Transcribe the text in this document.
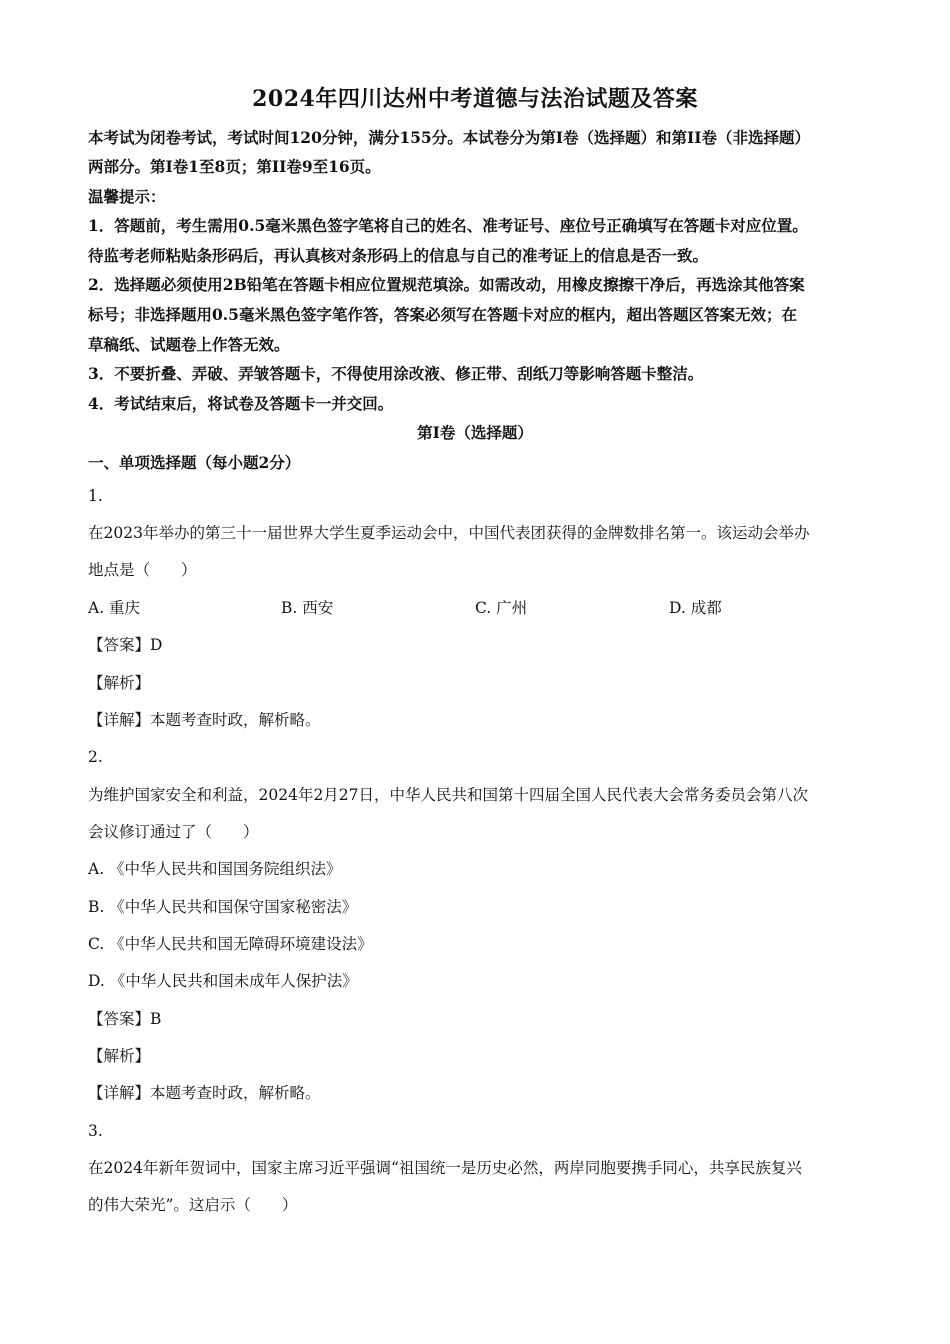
2024年四川达州中考道德与法治试题及答案
本考试为闭卷考试，考试时间120分钟，满分155分。本试卷分为第I卷（选择题）和第II卷（非选择题）
两部分。第I卷1至8页；第II卷9至16页。
温馨提示：
1．答题前，考生需用0.5毫米黑色签字笔将自己的姓名、准考证号、座位号正确填写在答题卡对应位置。
待监考老师粘贴条形码后，再认真核对条形码上的信息与自己的准考证上的信息是否一致。
2．选择题必须使用2B铅笔在答题卡相应位置规范填涂。如需改动，用橡皮擦擦干净后，再选涂其他答案
标号；非选择题用0.5毫米黑色签字笔作答，答案必须写在答题卡对应的框内，超出答题区答案无效；在
草稿纸、试题卷上作答无效。
3．不要折叠、弄破、弄皱答题卡，不得使用涂改液、修正带、刮纸刀等影响答题卡整洁。
4．考试结束后，将试卷及答题卡一并交回。
第Ⅰ卷（选择题）
一、单项选择题（每小题2分）
1.
在2023年举办的第三十一届世界大学生夏季运动会中，中国代表团获得的金牌数排名第一。该运动会举办
地点是（　　）
A. 重庆	B. 西安	C. 广州	D. 成都
【答案】D
【解析】
【详解】本题考查时政，解析略。
2.
为维护国家安全和利益，2024年2月27日，中华人民共和国第十四届全国人民代表大会常务委员会第八次
会议修订通过了（　　）
A. 《中华人民共和国国务院组织法》
B. 《中华人民共和国保守国家秘密法》
C. 《中华人民共和国无障碍环境建设法》
D. 《中华人民共和国未成年人保护法》
【答案】B
【解析】
【详解】本题考查时政，解析略。
3.
在2024年新年贺词中，国家主席习近平强调“祖国统一是历史必然，两岸同胞要携手同心，共享民族复兴
的伟大荣光”。这启示（　　）
